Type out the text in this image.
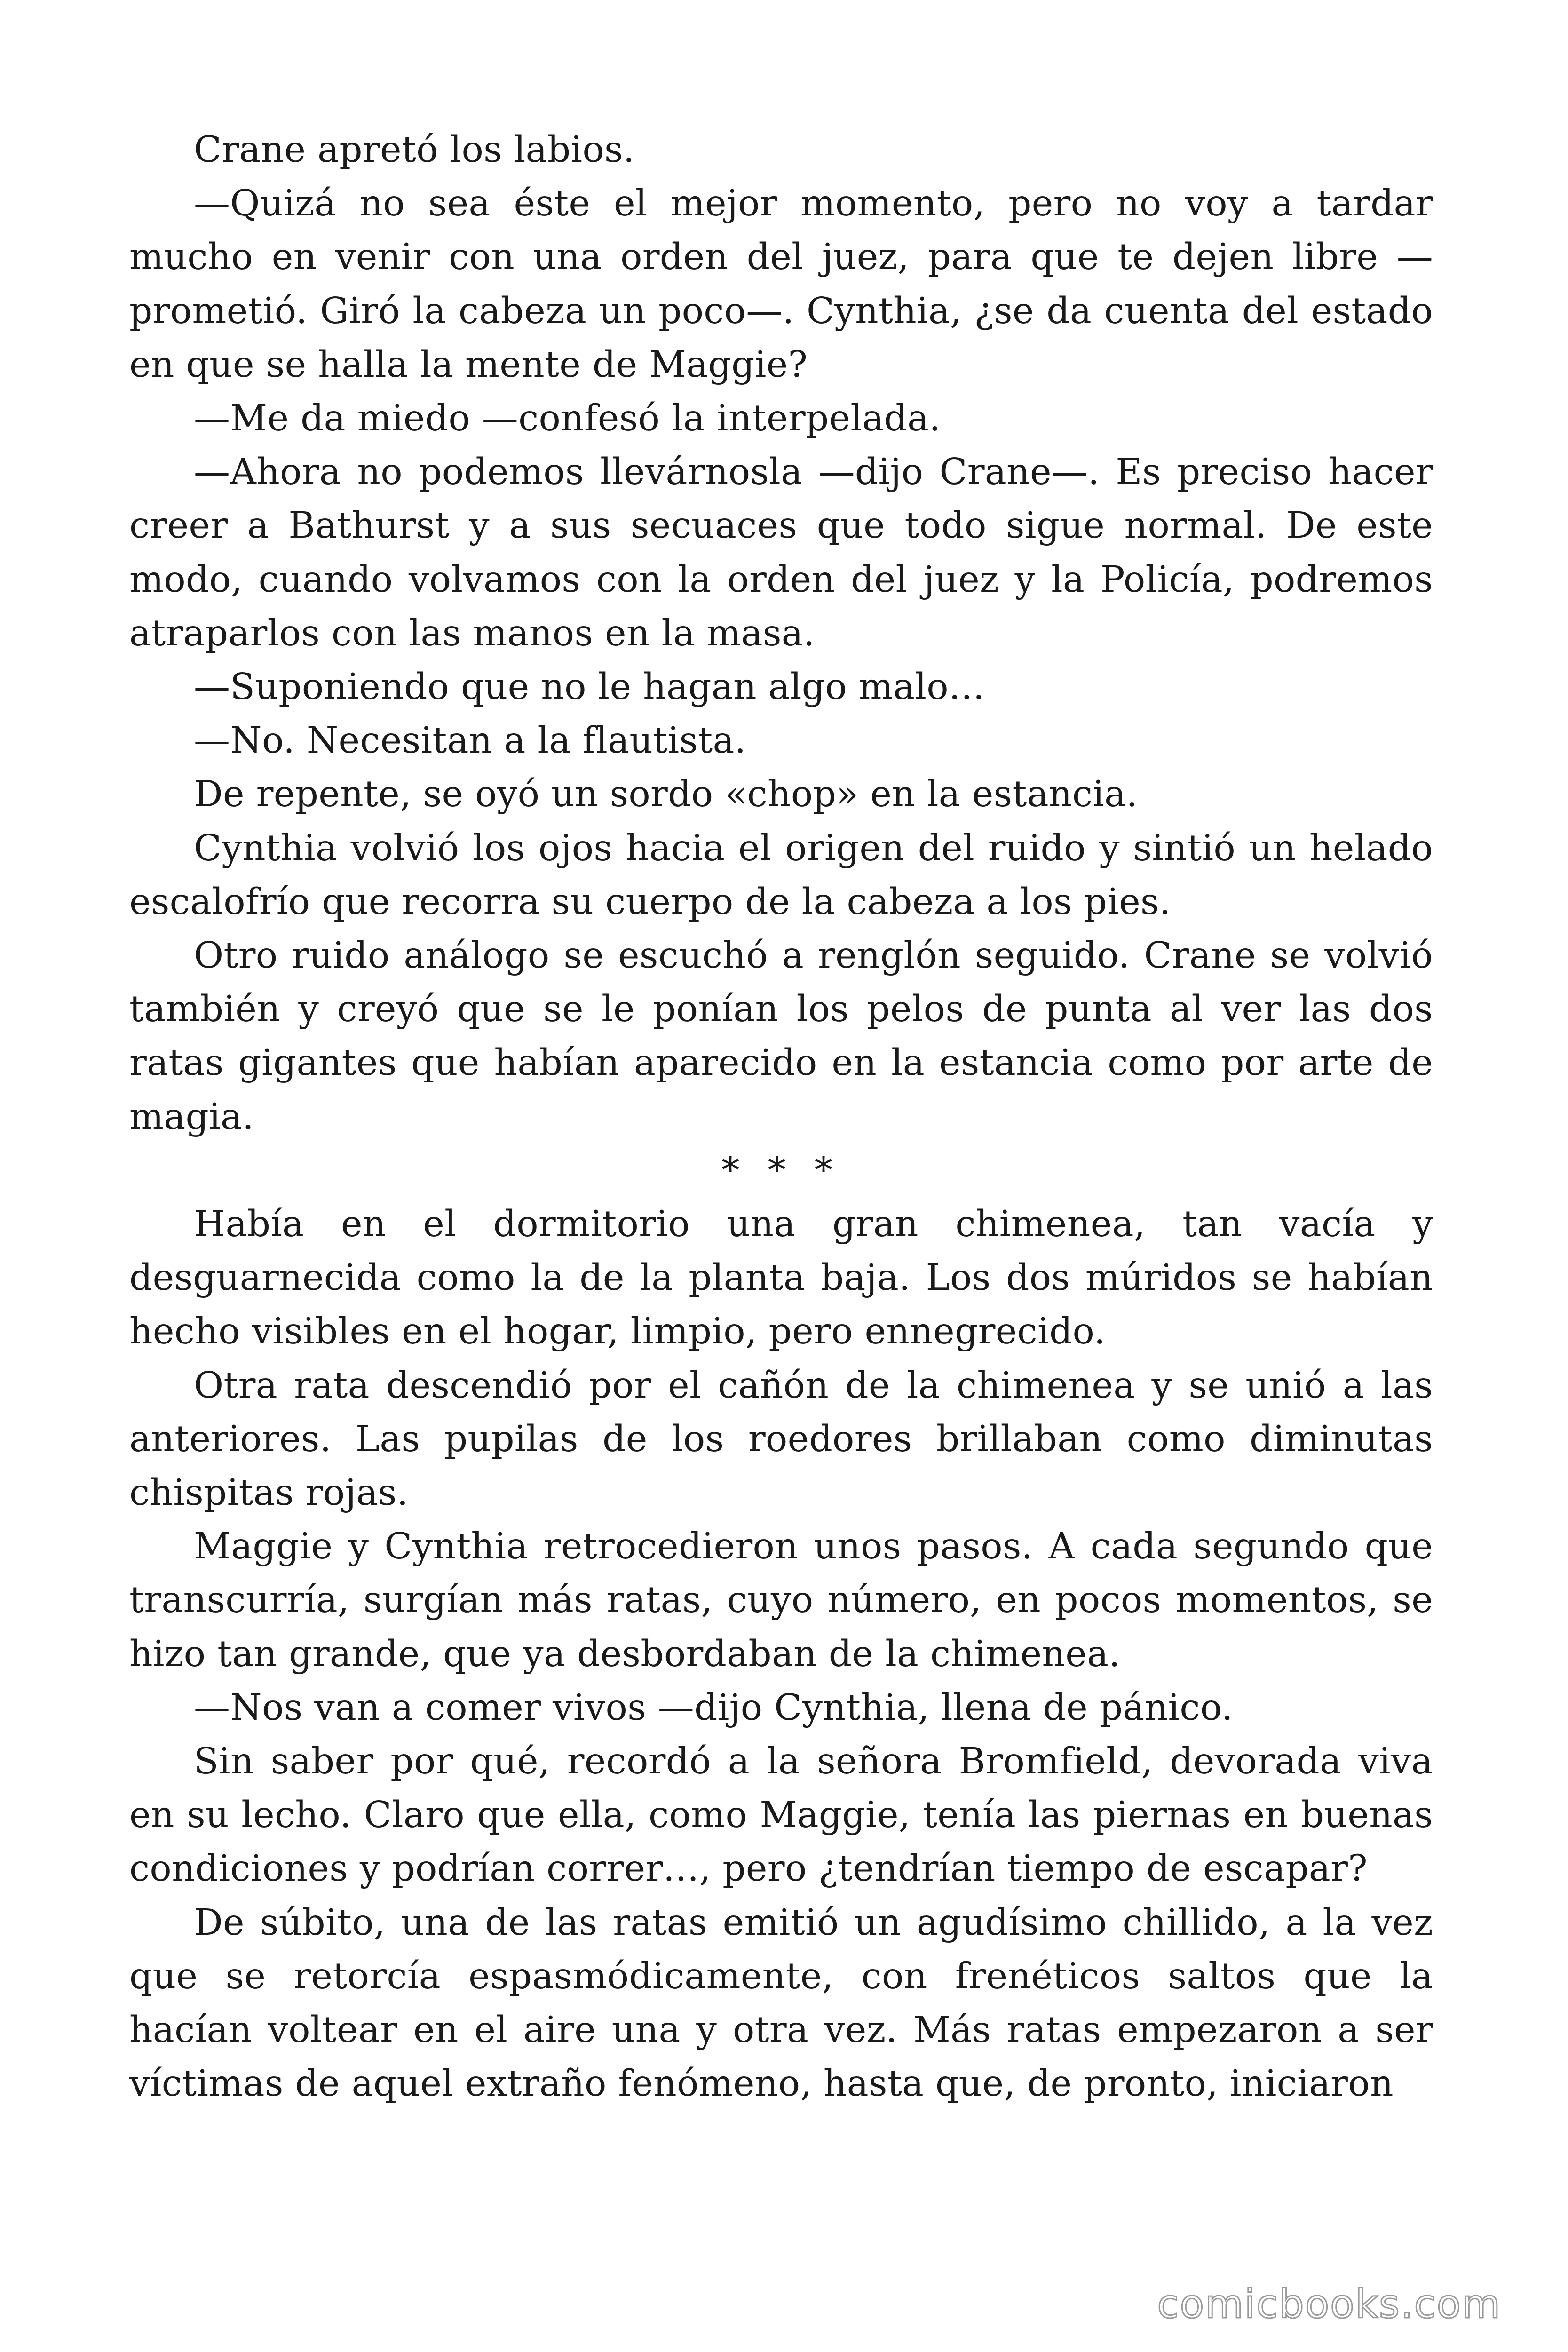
Crane apretó los labios.

—Quizá no sea éste el mejor momento, pero no voy a tardar mucho en venir con una orden del juez, para que te dejen libre —prometió. Giró la cabeza un poco—. Cynthia, ¿se da cuenta del estado en que se halla la mente de Maggie?

—Me da miedo —confesó la interpelada.

—Ahora no podemos llevárnosla —dijo Crane—. Es preciso hacer creer a Bathurst y a sus secuaces que todo sigue normal. De este modo, cuando volvamos con la orden del juez y la Policía, podremos atraparlos con las manos en la masa.

—Suponiendo que no le hagan algo malo…

—No. Necesitan a la flautista.

De repente, se oyó un sordo «chop» en la estancia.

Cynthia volvió los ojos hacia el origen del ruido y sintió un helado escalofrío que recorra su cuerpo de la cabeza a los pies.

Otro ruido análogo se escuchó a renglón seguido. Crane se volvió también y creyó que se le ponían los pelos de punta al ver las dos ratas gigantes que habían aparecido en la estancia como por arte de magia.

* * *

Había en el dormitorio una gran chimenea, tan vacía y desguarnecida como la de la planta baja. Los dos múridos se habían hecho visibles en el hogar, limpio, pero ennegrecido.

Otra rata descendió por el cañón de la chimenea y se unió a las anteriores. Las pupilas de los roedores brillaban como diminutas chispitas rojas.

Maggie y Cynthia retrocedieron unos pasos. A cada segundo que transcurría, surgían más ratas, cuyo número, en pocos momentos, se hizo tan grande, que ya desbordaban de la chimenea.

—Nos van a comer vivos —dijo Cynthia, llena de pánico.

Sin saber por qué, recordó a la señora Bromfield, devorada viva en su lecho. Claro que ella, como Maggie, tenía las piernas en buenas condiciones y podrían correr…, pero ¿tendrían tiempo de escapar?

De súbito, una de las ratas emitió un agudísimo chillido, a la vez que se retorcía espasmódicamente, con frenéticos saltos que la hacían voltear en el aire una y otra vez. Más ratas empezaron a ser víctimas de aquel extraño fenómeno, hasta que, de pronto, iniciaron

comicbooks.com
